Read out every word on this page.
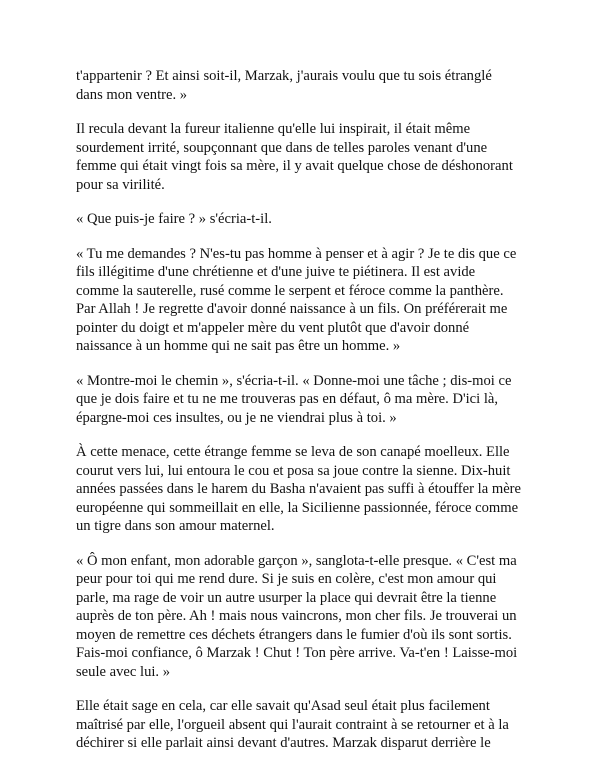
t'appartenir ? Et ainsi soit-il, Marzak, j'aurais voulu que tu sois étranglé
dans mon ventre. »

Il recula devant la fureur italienne qu'elle lui inspirait, il était même
sourdement irrité, soupçonnant que dans de telles paroles venant d'une
femme qui était vingt fois sa mère, il y avait quelque chose de déshonorant
pour sa virilité.

« Que puis-je faire ? » s'écria-t-il.

« Tu me demandes ? N'es-tu pas homme à penser et à agir ? Je te dis que ce
fils illégitime d'une chrétienne et d'une juive te piétinera. Il est avide
comme la sauterelle, rusé comme le serpent et féroce comme la panthère.
Par Allah ! Je regrette d'avoir donné naissance à un fils. On préférerait me
pointer du doigt et m'appeler mère du vent plutôt que d'avoir donné
naissance à un homme qui ne sait pas être un homme. »

« Montre-moi le chemin », s'écria-t-il. « Donne-moi une tâche ; dis-moi ce
que je dois faire et tu ne me trouveras pas en défaut, ô ma mère. D'ici là,
épargne-moi ces insultes, ou je ne viendrai plus à toi. »

À cette menace, cette étrange femme se leva de son canapé moelleux. Elle
courut vers lui, lui entoura le cou et posa sa joue contre la sienne. Dix-huit
années passées dans le harem du Basha n'avaient pas suffi à étouffer la mère
européenne qui sommeillait en elle, la Sicilienne passionnée, féroce comme
un tigre dans son amour maternel.

« Ô mon enfant, mon adorable garçon », sanglota-t-elle presque. « C'est ma
peur pour toi qui me rend dure. Si je suis en colère, c'est mon amour qui
parle, ma rage de voir un autre usurper la place qui devrait être la tienne
auprès de ton père. Ah ! mais nous vaincrons, mon cher fils. Je trouverai un
moyen de remettre ces déchets étrangers dans le fumier d'où ils sont sortis.
Fais-moi confiance, ô Marzak ! Chut ! Ton père arrive. Va-t'en ! Laisse-moi
seule avec lui. »

Elle était sage en cela, car elle savait qu'Asad seul était plus facilement
maîtrisé par elle, l'orgueil absent qui l'aurait contraint à se retourner et à la
déchirer si elle parlait ainsi devant d'autres. Marzak disparut derrière le
